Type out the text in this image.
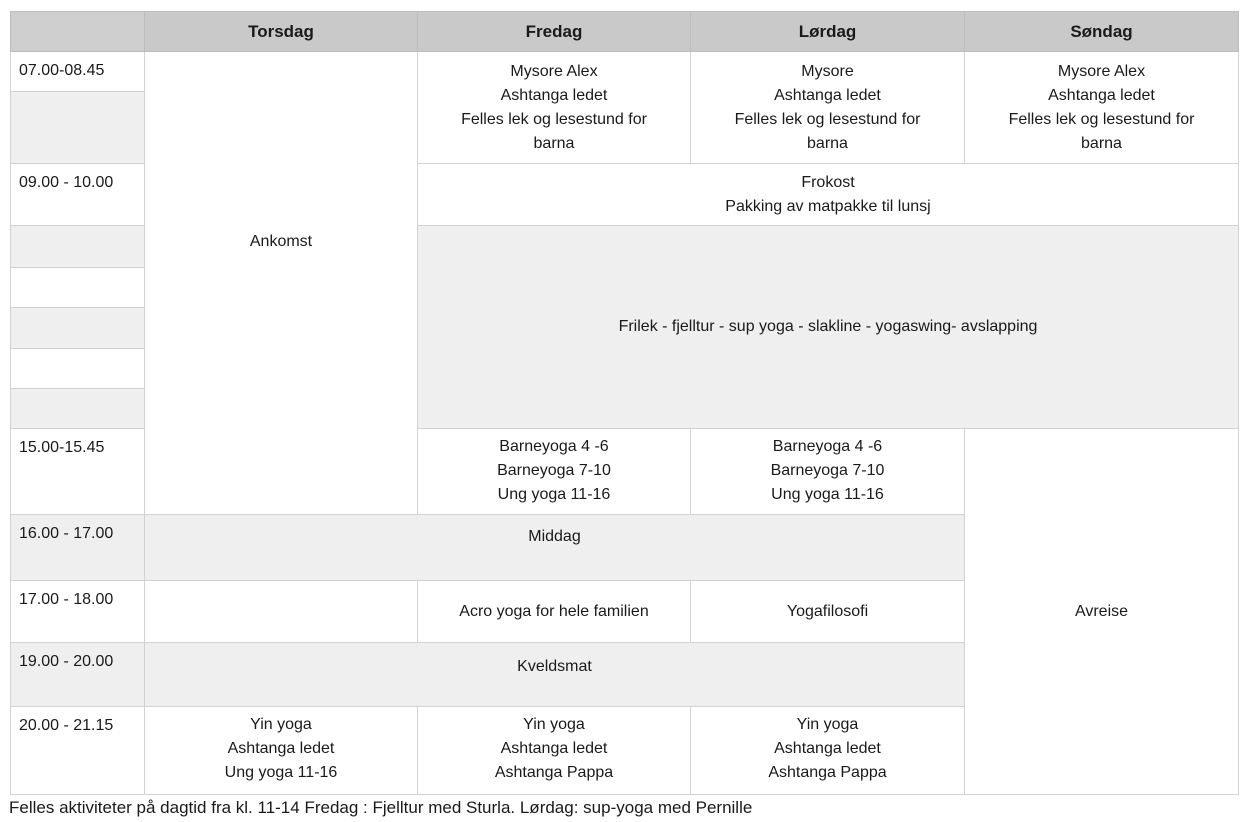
	Torsdag	Fredag	Lørdag	Søndag
07.00-08.45	Ankomst	Mysore Alex
Ashtanga ledet
Felles lek og lesestund for
barna	Mysore
Ashtanga ledet
Felles lek og lesestund for
barna	Mysore Alex
Ashtanga ledet
Felles lek og lesestund for
barna

09.00 - 10.00		Frokost
Pakking av matpakke til lunsj		

		Frilek - fjelltur - sup yoga - slakline - yogaswing- avslapping		

15.00-15.45		Barneyoga 4 -6
Barneyoga 7-10
Ung yoga 11-16	Barneyoga 4 -6
Barneyoga 7-10
Ung yoga 11-16	Avreise
16.00 - 17.00	Middag			
17.00 - 18.00		Acro yoga for hele familien	Yogafilosofi	
19.00 - 20.00	Kveldsmat			
20.00 - 21.15	Yin yoga
Ashtanga ledet
Ung yoga 11-16	Yin yoga
Ashtanga ledet
Ashtanga Pappa	Yin yoga
Ashtanga ledet
Ashtanga Pappa	
Felles aktiviteter på dagtid fra kl. 11-14 Fredag : Fjelltur med Sturla. Lørdag: sup-yoga med Pernille
